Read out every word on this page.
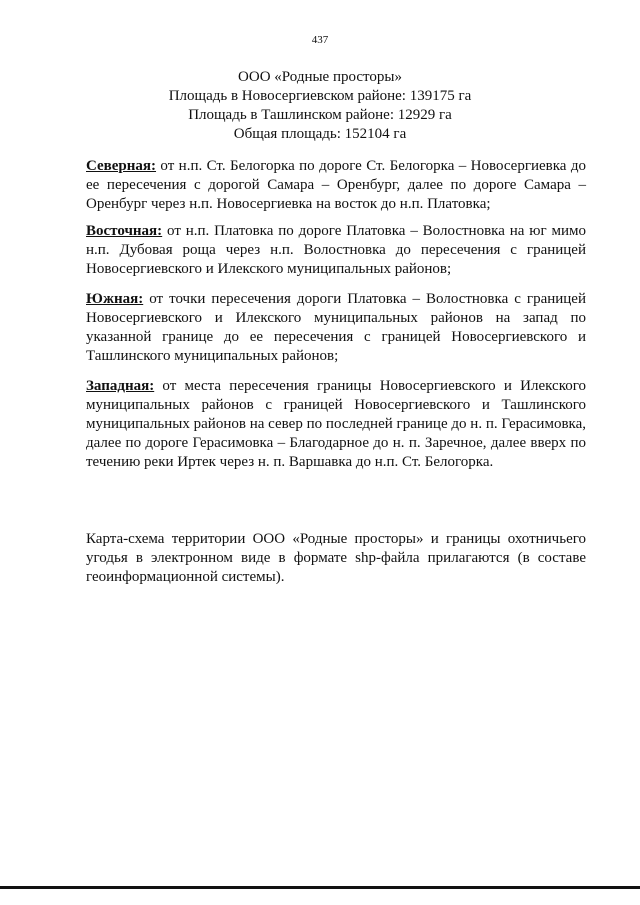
437
ООО «Родные просторы»
Площадь в Новосергиевском районе: 139175 га
Площадь в Ташлинском районе: 12929 га
Общая площадь: 152104 га

Северная: от н.п. Ст. Белогорка по дороге Ст. Белогорка – Новосергиевка до ее пересечения с дорогой Самара – Оренбург, далее по дороге Самара – Оренбург через н.п. Новосергиевка на восток до н.п. Платовка;

Восточная: от н.п. Платовка по дороге Платовка – Волостновка на юг мимо н.п. Дубовая роща через н.п. Волостновка до пересечения с границей Новосергиевского и Илекского муниципальных районов;

Южная: от точки пересечения дороги Платовка – Волостновка с границей Новосергиевского и Илекского муниципальных районов на запад по указанной границе до ее пересечения с границей Новосергиевского и Ташлинского муниципальных районов;

Западная: от места пересечения границы Новосергиевского и Илекского муниципальных районов с границей Новосергиевского и Ташлинского муниципальных районов на север по последней границе до н. п. Герасимовка, далее по дороге Герасимовка – Благодарное до н. п. Заречное, далее вверх по течению реки Иртек через н. п. Варшавка до н.п. Ст. Белогорка.

Карта-схема территории ООО «Родные просторы» и границы охотничьего угодья в электронном виде в формате shp-файла прилагаются (в составе геоинформационной системы).
